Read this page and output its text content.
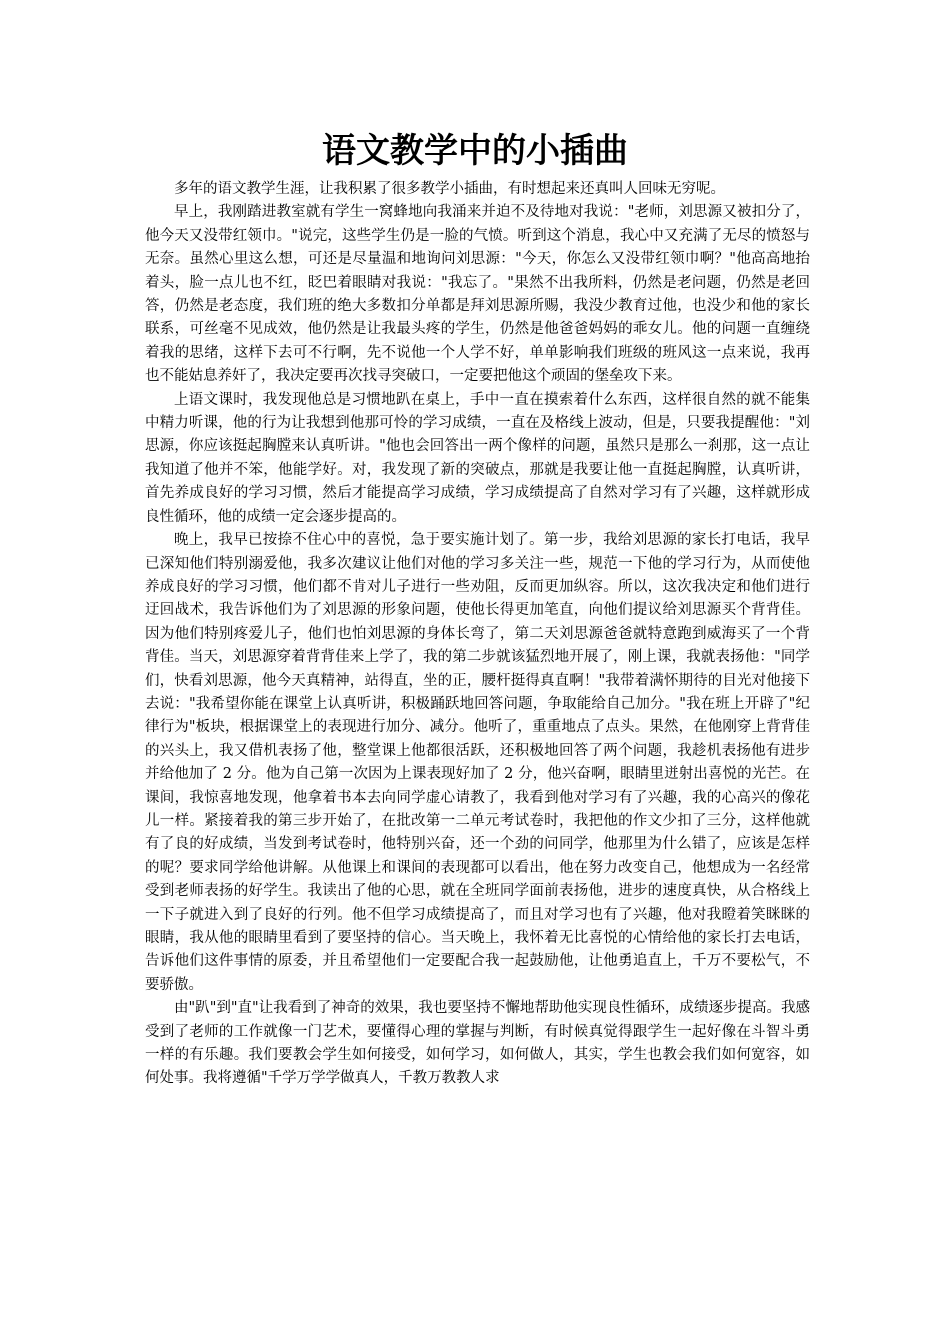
语文教学中的小插曲

多年的语文教学生涯，让我积累了很多教学小插曲，有时想起来还真叫人回味无穷呢。

早上，我刚踏进教室就有学生一窝蜂地向我涌来并迫不及待地对我说："老师，刘思源又被扣分了，他今天又没带红领巾。"说完，这些学生仍是一脸的气愤。听到这个消息，我心中又充满了无尽的愤怒与无奈。虽然心里这么想，可还是尽量温和地询问刘思源："今天，你怎么又没带红领巾啊？"他高高地抬着头，脸一点儿也不红，眨巴着眼睛对我说："我忘了。"果然不出我所料，仍然是老问题，仍然是老回答，仍然是老态度，我们班的绝大多数扣分单都是拜刘思源所赐，我没少教育过他，也没少和他的家长联系，可丝毫不见成效，他仍然是让我最头疼的学生，仍然是他爸爸妈妈的乖女儿。他的问题一直缠绕着我的思绪，这样下去可不行啊，先不说他一个人学不好，单单影响我们班级的班风这一点来说，我再也不能姑息养奸了，我决定要再次找寻突破口，一定要把他这个顽固的堡垒攻下来。

上语文课时，我发现他总是习惯地趴在桌上，手中一直在摸索着什么东西，这样很自然的就不能集中精力听课，他的行为让我想到他那可怜的学习成绩，一直在及格线上波动，但是，只要我提醒他："刘思源，你应该挺起胸膛来认真听讲。"他也会回答出一两个像样的问题，虽然只是那么一刹那，这一点让我知道了他并不笨，他能学好。对，我发现了新的突破点，那就是我要让他一直挺起胸膛，认真听讲，首先养成良好的学习习惯，然后才能提高学习成绩，学习成绩提高了自然对学习有了兴趣，这样就形成良性循环，他的成绩一定会逐步提高的。

晚上，我早已按捺不住心中的喜悦，急于要实施计划了。第一步，我给刘思源的家长打电话，我早已深知他们特别溺爱他，我多次建议让他们对他的学习多关注一些，规范一下他的学习行为，从而使他养成良好的学习习惯，他们都不肯对儿子进行一些劝阻，反而更加纵容。所以，这次我决定和他们进行迂回战术，我告诉他们为了刘思源的形象问题，使他长得更加笔直，向他们提议给刘思源买个背背佳。因为他们特别疼爱儿子，他们也怕刘思源的身体长弯了，第二天刘思源爸爸就特意跑到威海买了一个背背佳。当天，刘思源穿着背背佳来上学了，我的第二步就该猛烈地开展了，刚上课，我就表扬他："同学们，快看刘思源，他今天真精神，站得直，坐的正，腰杆挺得真直啊！"我带着满怀期待的目光对他接下去说："我希望你能在课堂上认真听讲，积极踊跃地回答问题，争取能给自己加分。"我在班上开辟了"纪律行为"板块，根据课堂上的表现进行加分、减分。他听了，重重地点了点头。果然，在他刚穿上背背佳的兴头上，我又借机表扬了他，整堂课上他都很活跃，还积极地回答了两个问题，我趁机表扬他有进步并给他加了 2 分。他为自己第一次因为上课表现好加了 2 分，他兴奋啊，眼睛里迸射出喜悦的光芒。在课间，我惊喜地发现，他拿着书本去向同学虚心请教了，我看到他对学习有了兴趣，我的心高兴的像花儿一样。紧接着我的第三步开始了，在批改第一二单元考试卷时，我把他的作文少扣了三分，这样他就有了良的好成绩，当发到考试卷时，他特别兴奋，还一个劲的问同学，他那里为什么错了，应该是怎样的呢？要求同学给他讲解。从他课上和课间的表现都可以看出，他在努力改变自己，他想成为一名经常受到老师表扬的好学生。我读出了他的心思，就在全班同学面前表扬他，进步的速度真快，从合格线上一下子就进入到了良好的行列。他不但学习成绩提高了，而且对学习也有了兴趣，他对我瞪着笑眯眯的眼睛，我从他的眼睛里看到了要坚持的信心。当天晚上，我怀着无比喜悦的心情给他的家长打去电话，告诉他们这件事情的原委，并且希望他们一定要配合我一起鼓励他，让他勇追直上，千万不要松气，不要骄傲。

由"趴"到"直"让我看到了神奇的效果，我也要坚持不懈地帮助他实现良性循环，成绩逐步提高。我感受到了老师的工作就像一门艺术，要懂得心理的掌握与判断，有时候真觉得跟学生一起好像在斗智斗勇一样的有乐趣。我们要教会学生如何接受，如何学习，如何做人，其实，学生也教会我们如何宽容，如何处事。我将遵循"千学万学学做真人，千教万教教人求
